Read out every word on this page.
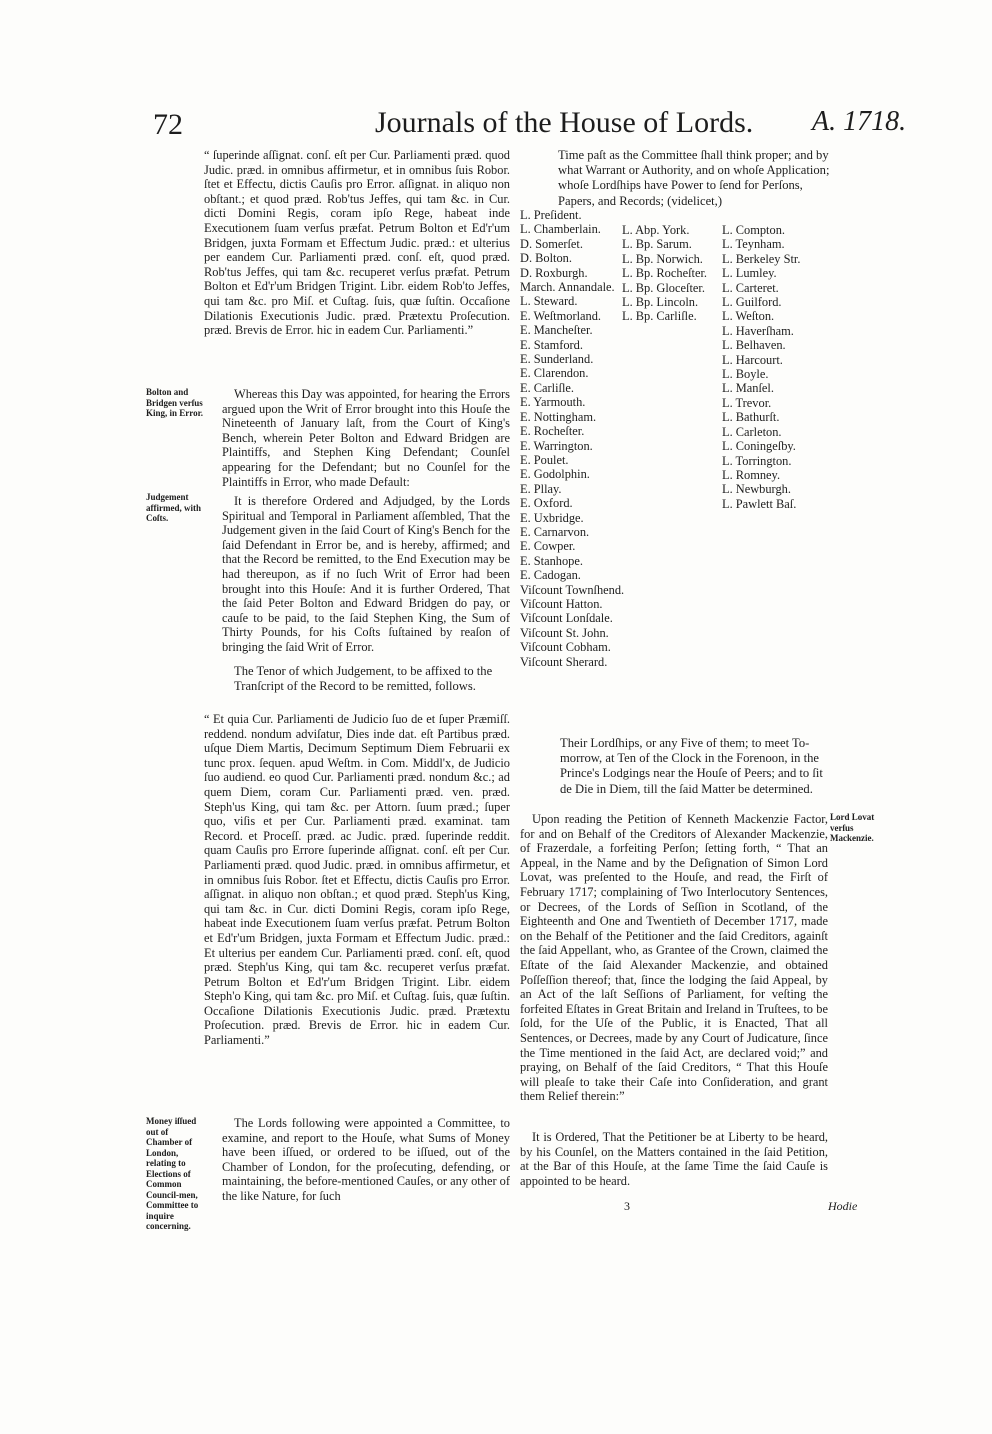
72	Journals of the House of Lords. A. 1718.

“ ſuperinde aſſignat. conſ. eſt per Cur. Parliamenti præd. quod Judic. præd. in omnibus affirmetur, et in omnibus ſuis Robor. ſtet et Effectu, dictis Cauſis pro Error. aſſignat. in aliquo non obſtant.; et quod præd. Rob'tus Jeffes, qui tam &c. in Cur. dicti Domini Regis, coram ipſo Rege, habeat inde Executionem ſuam verſus præfat. Petrum Bolton et Ed'r'um Bridgen, juxta Formam et Effectum Judic. præd.: et ulterius per eandem Cur. Parliamenti præd. conſ. eſt, quod præd. Rob'tus Jeffes, qui tam &c. recuperet verſus præfat. Petrum Bolton et Ed'r'um Bridgen Trigint. Libr. eidem Rob'to Jeffes, qui tam &c. pro Miſ. et Cuſtag. ſuis, quæ ſuſtin. Occaſione Dilationis Executionis Judic. præd. Prætextu Proſecution. præd. Brevis de Error. hic in eadem Cur. Parliamenti.”

Bolton and Bridgen verſus King, in Error.

Whereas this Day was appointed, for hearing the Errors argued upon the Writ of Error brought into this Houſe the Nineteenth of January laſt, from the Court of King's Bench, wherein Peter Bolton and Edward Bridgen are Plaintiffs, and Stephen King Defendant; Counſel appearing for the Defendant; but no Counſel for the Plaintiffs in Error, who made Default:

Judgement affirmed, with Coſts.

It is therefore Ordered and Adjudged, by the Lords Spiritual and Temporal in Parliament aſſembled, That the Judgement given in the ſaid Court of King's Bench for the ſaid Defendant in Error be, and is hereby, affirmed; and that the Record be remitted, to the End Execution may be had thereupon, as if no ſuch Writ of Error had been brought into this Houſe: And it is further Ordered, That the ſaid Peter Bolton and Edward Bridgen do pay, or cauſe to be paid, to the ſaid Stephen King, the Sum of Thirty Pounds, for his Coſts ſuſtained by reaſon of bringing the ſaid Writ of Error.

The Tenor of which Judgement, to be affixed to the Tranſcript of the Record to be remitted, follows.

“ Et quia Cur. Parliamenti de Judicio ſuo de et ſuper Præmiſſ. reddend. nondum adviſatur, Dies inde dat. eſt Partibus præd. uſque Diem Martis, Decimum Septimum Diem Februarii ex tunc prox. ſequen. apud Weſtm. in Com. Middl'x, de Judicio ſuo audiend. eo quod Cur. Parliamenti præd. nondum &c.; ad quem Diem, coram Cur. Parliamenti præd. ven. præd. Steph'us King, qui tam &c. per Attorn. ſuum præd.; ſuper quo, viſis et per Cur. Parliamenti præd. examinat. tam Record. et Proceſſ. præd. ac Judic. præd. ſuperinde reddit. quam Cauſis pro Errore ſuperinde aſſignat. conſ. eſt per Cur. Parliamenti præd. quod Judic. præd. in omnibus affirmetur, et in omnibus ſuis Robor. ſtet et Effectu, dictis Cauſis pro Error. aſſignat. in aliquo non obſtan.; et quod præd. Steph'us King, qui tam &c. in Cur. dicti Domini Regis, coram ipſo Rege, habeat inde Executionem ſuam verſus præfat. Petrum Bolton et Ed'r'um Bridgen, juxta Formam et Effectum Judic. præd.: Et ulterius per eandem Cur. Parliamenti præd. conſ. eſt, quod præd. Steph'us King, qui tam &c. recuperet verſus præfat. Petrum Bolton et Ed'r'um Bridgen Trigint. Libr. eidem Steph'o King, qui tam &c. pro Miſ. et Cuſtag. ſuis, quæ ſuſtin. Occaſione Dilationis Executionis Judic. præd. Prætextu Proſecution. præd. Brevis de Error. hic in eadem Cur. Parliamenti.”

Money iſſued out of Chamber of London, relating to Elections of Common Council-men, Committee to inquire concerning.

The Lords following were appointed a Committee, to examine, and report to the Houſe, what Sums of Money have been iſſued, or ordered to be iſſued, out of the Chamber of London, for the proſecuting, defending, or maintaining, the before-mentioned Cauſes, or any other of the like Nature, for ſuch

Time paſt as the Committee ſhall think proper; and by what Warrant or Authority, and on whoſe Application; whoſe Lordſhips have Power to ſend for Perſons, Papers, and Records; (videlicet,)

L. Preſident.
L. Chamberlain.
D. Somerſet.
D. Bolton.
D. Roxburgh.
March. Annandale.
L. Steward.
E. Weſtmorland.
E. Mancheſter.
E. Stamford.
E. Sunderland.
E. Clarendon.
E. Carliſle.
E. Yarmouth.
E. Nottingham.
E. Rocheſter.
E. Warrington.
E. Poulet.
E. Godolphin.
E. Pllay.
E. Oxford.
E. Uxbridge.
E. Carnarvon.
E. Cowper.
E. Stanhope.
E. Cadogan.
Viſcount Townſhend.
Viſcount Hatton.
Viſcount Lonſdale.
Viſcount St. John.
Viſcount Cobham.
Viſcount Sherard.
L. Abp. York.
L. Bp. Sarum.
L. Bp. Norwich.
L. Bp. Rocheſter.
L. Bp. Gloceſter.
L. Bp. Lincoln.
L. Bp. Carliſle.
L. Compton.
L. Teynham.
L. Berkeley Str.
L. Lumley.
L. Carteret.
L. Guilford.
L. Weſton.
L. Haverſham.
L. Belhaven.
L. Harcourt.
L. Boyle.
L. Manſel.
L. Trevor.
L. Bathurſt.
L. Carleton.
L. Coningeſby.
L. Torrington.
L. Romney.
L. Newburgh.
L. Pawlett Baſ.

Their Lordſhips, or any Five of them; to meet To-morrow, at Ten of the Clock in the Forenoon, in the Prince's Lodgings near the Houſe of Peers; and to ſit de Die in Diem, till the ſaid Matter be determined.

Lord Lovat verſus Mackenzie.

Upon reading the Petition of Kenneth Mackenzie Factor, for and on Behalf of the Creditors of Alexander Mackenzie, of Frazerdale, a forfeiting Perſon; ſetting forth, “ That an Appeal, in the Name and by the Deſignation of Simon Lord Lovat, was preſented to the Houſe, and read, the Firſt of February 1717; complaining of Two Interlocutory Sentences, or Decrees, of the Lords of Seſſion in Scotland, of the Eighteenth and One and Twentieth of December 1717, made on the Behalf of the Petitioner and the ſaid Creditors, againſt the ſaid Appellant, who, as Grantee of the Crown, claimed the Eſtate of the ſaid Alexander Mackenzie, and obtained Poſſeſſion thereof; that, ſince the lodging the ſaid Appeal, by an Act of the laſt Seſſions of Parliament, for veſting the forfeited Eſtates in Great Britain and Ireland in Truſtees, to be ſold, for the Uſe of the Public, it is Enacted, That all Sentences, or Decrees, made by any Court of Judicature, ſince the Time mentioned in the ſaid Act, are declared void;” and praying, on Behalf of the ſaid Creditors, “ That this Houſe will pleaſe to take their Caſe into Conſideration, and grant them Relief therein:”

It is Ordered, That the Petitioner be at Liberty to be heard, by his Counſel, on the Matters contained in the ſaid Petition, at the Bar of this Houſe, at the ſame Time the ſaid Cauſe is appointed to be heard.

3	Hodie
